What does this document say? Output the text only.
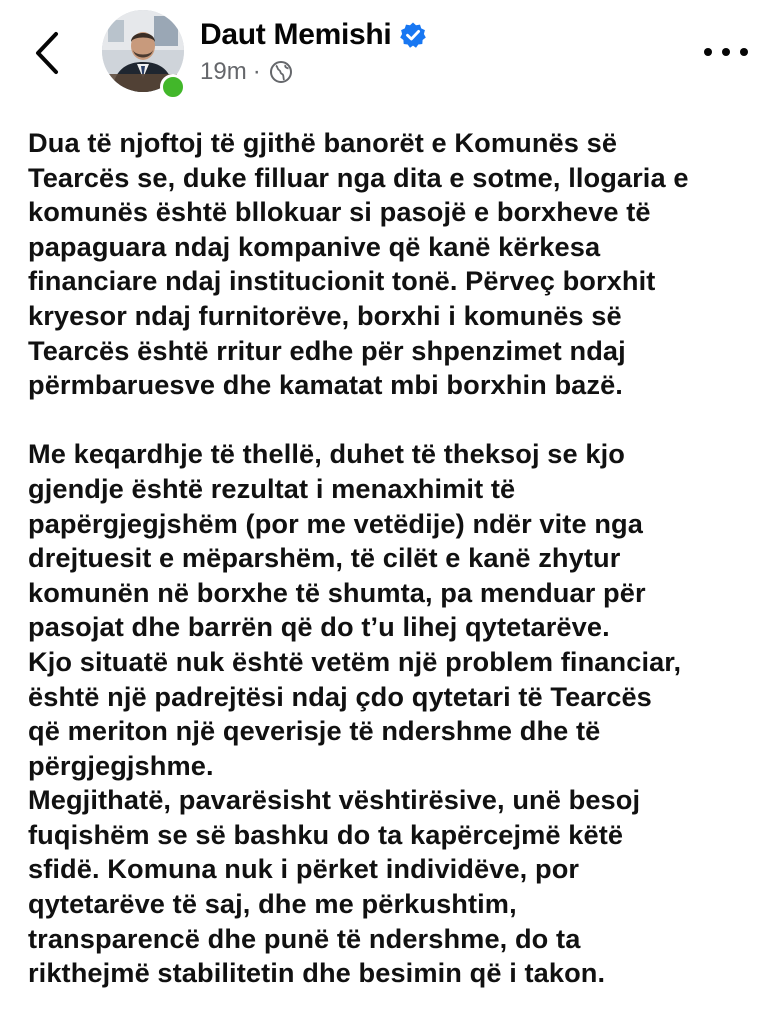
Daut Memishi
19m ·

Dua të njoftoj të gjithë banorët e Komunës së

Tearcës se, duke filluar nga dita e sotme, llogaria e

komunës është bllokuar si pasojë e borxheve të

papaguara ndaj kompanive që kanë kërkesa

financiare ndaj institucionit tonë. Përveç borxhit

kryesor ndaj furnitorëve, borxhi i komunës së

Tearcës është rritur edhe për shpenzimet ndaj

përmbaruesve dhe kamatat mbi borxhin bazë.

Me keqardhje të thellë, duhet të theksoj se kjo

gjendje është rezultat i menaxhimit të

papërgjegjshëm (por me vetëdije) ndër vite nga

drejtuesit e mëparshëm, të cilët e kanë zhytur

komunën në borxhe të shumta, pa menduar për

pasojat dhe barrën që do t’u lihej qytetarëve.

Kjo situatë nuk është vetëm një problem financiar,

është një padrejtësi ndaj çdo qytetari të Tearcës

që meriton një qeverisje të ndershme dhe të

përgjegjshme.

Megjithatë, pavarësisht vështirësive, unë besoj

fuqishëm se së bashku do ta kapërcejmë këtë

sfidë. Komuna nuk i përket individëve, por

qytetarëve të saj, dhe me përkushtim,

transparencë dhe punë të ndershme, do ta

rikthejmë stabilitetin dhe besimin që i takon.
